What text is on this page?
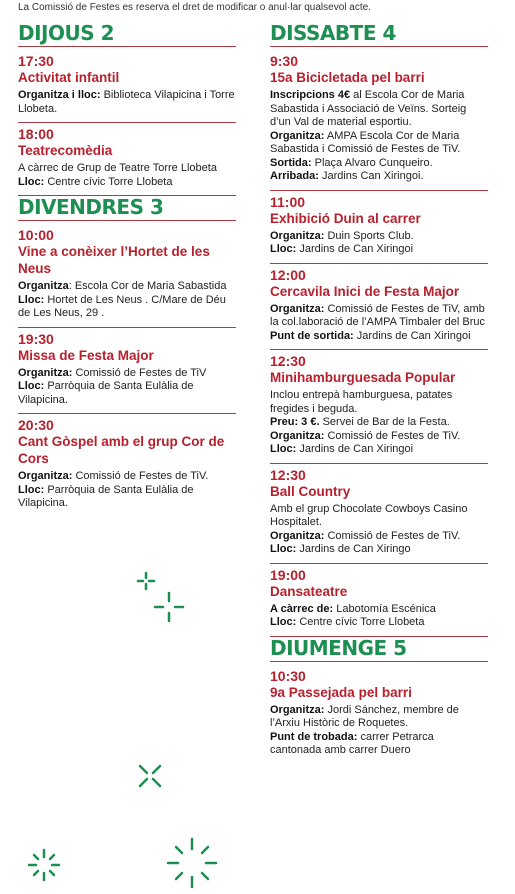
La Comissió de Festes es reserva el dret de modificar o anul·lar qualsevol acte.
DIJOUS 2
17:30
Activitat infantil
Organitza i lloc: Biblioteca Vilapicina i Torre Llobeta.
18:00
Teatrecomèdia
A càrrec de Grup de Teatre Torre Llobeta
Lloc: Centre cívic Torre Llobeta
DIVENDRES 3
10:00
Vine a conèixer l’Hortet de les Neus
Organitza: Escola Cor de Maria Sabastida
Lloc: Hortet de Les Neus . C/Mare de Déu de Les Neus, 29 .
19:30
Missa de Festa Major
Organitza: Comissió de Festes de TiV
Lloc: Parròquia de Santa Eulàlia de Vilapicina.
20:30
Cant Gòspel amb el grup Cor de Cors
Organitza: Comissió de Festes de TiV.
Lloc: Parròquia de Santa Eulàlia de Vilapicina.
DISSABTE 4
9:30
15a Bicicletada pel barri
Inscripcions 4€ al Escola Cor de Maria Sabastida i Associació de Veïns. Sorteig d’un Val de material esportiu.
Organitza: AMPA Escola Cor de Maria Sabastida i Comissió de Festes de TiV.
Sortida: Plaça Alvaro Cunqueiro.
Arribada: Jardins Can Xiringoi.
11:00
Exhibició Duin al carrer
Organitza: Duin Sports Club.
Lloc: Jardins de Can Xiringoi
12:00
Cercavila Inici de Festa Major
Organitza: Comissió de Festes de TiV, amb la col.laboració de l’AMPA Timbaler del Bruc
Punt de sortida: Jardins de Can Xiringoi
12:30
Minihamburguesada Popular
Inclou entrepà hamburguesa, patates fregides i beguda.
Preu: 3 €. Servei de Bar de la Festa.
Organitza: Comissió de Festes de TiV.
Lloc: Jardins de Can Xiringoi
12:30
Ball Country
Amb el grup Chocolate Cowboys Casino Hospitalet.
Organitza: Comissió de Festes de TiV.
Lloc: Jardins de Can Xiringo
19:00
Dansateatre
A càrrec de: Labotomía Escénica
Lloc: Centre cívic Torre Llobeta
DIUMENGE 5
10:30
9a Passejada pel barri
Organitza: Jordi Sánchez, membre de l’Arxiu Històric de Roquetes.
Punt de trobada: carrer Petrarca cantonada amb carrer Duero
